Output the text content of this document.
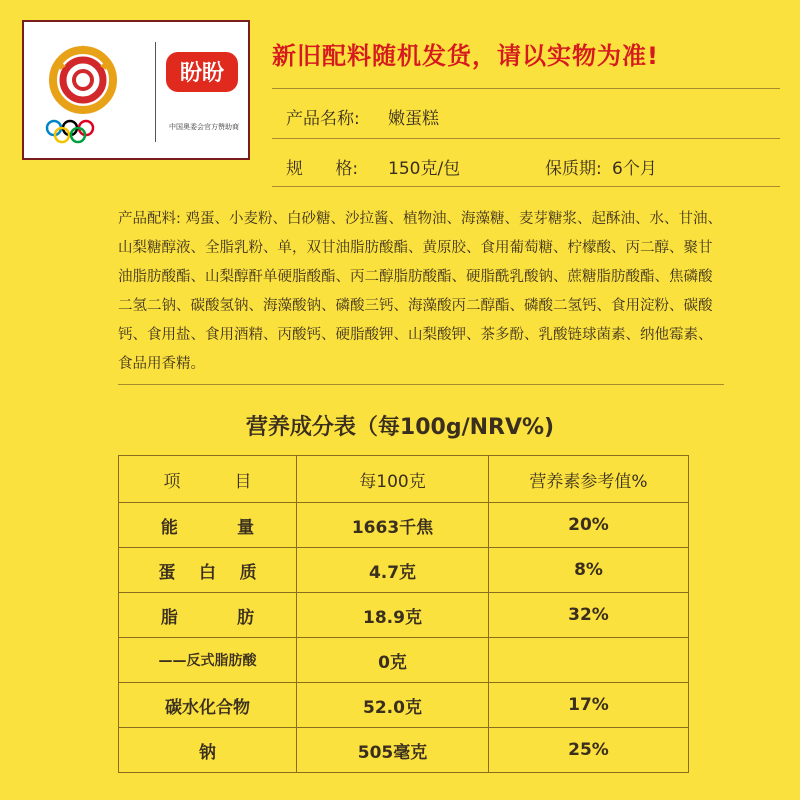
盼盼
中国奥委会官方赞助商
新旧配料随机发货，请以实物为准!
产品名称: 嫩蛋糕
规      格: 150克/包	保质期: 6个月
产品配料: 鸡蛋、小麦粉、白砂糖、沙拉酱、植物油、海藻糖、麦芽糖浆、起酥油、水、甘油、山梨糖醇液、全脂乳粉、单，双甘油脂肪酸酯、黄原胶、食用葡萄糖、柠檬酸、丙二醇、聚甘油脂肪酸酯、山梨醇酐单硬脂酸酯、丙二醇脂肪酸酯、硬脂酰乳酸钠、蔗糖脂肪酸酯、焦磷酸二氢二钠、碳酸氢钠、海藻酸钠、磷酸三钙、海藻酸丙二醇酯、磷酸二氢钙、食用淀粉、碳酸钙、食用盐、食用酒精、丙酸钙、硬脂酸钾、山梨酸钾、茶多酚、乳酸链球菌素、纳他霉素、食品用香精。
营养成分表（每100g/NRV%)
项          目	每100克	营养素参考值%
能          量	1663千焦	20%
蛋    白    质	4.7克	8%
脂          肪	18.9克	32%
——反式脂肪酸	0克	
碳水化合物	52.0克	17%
钠	505毫克	25%
